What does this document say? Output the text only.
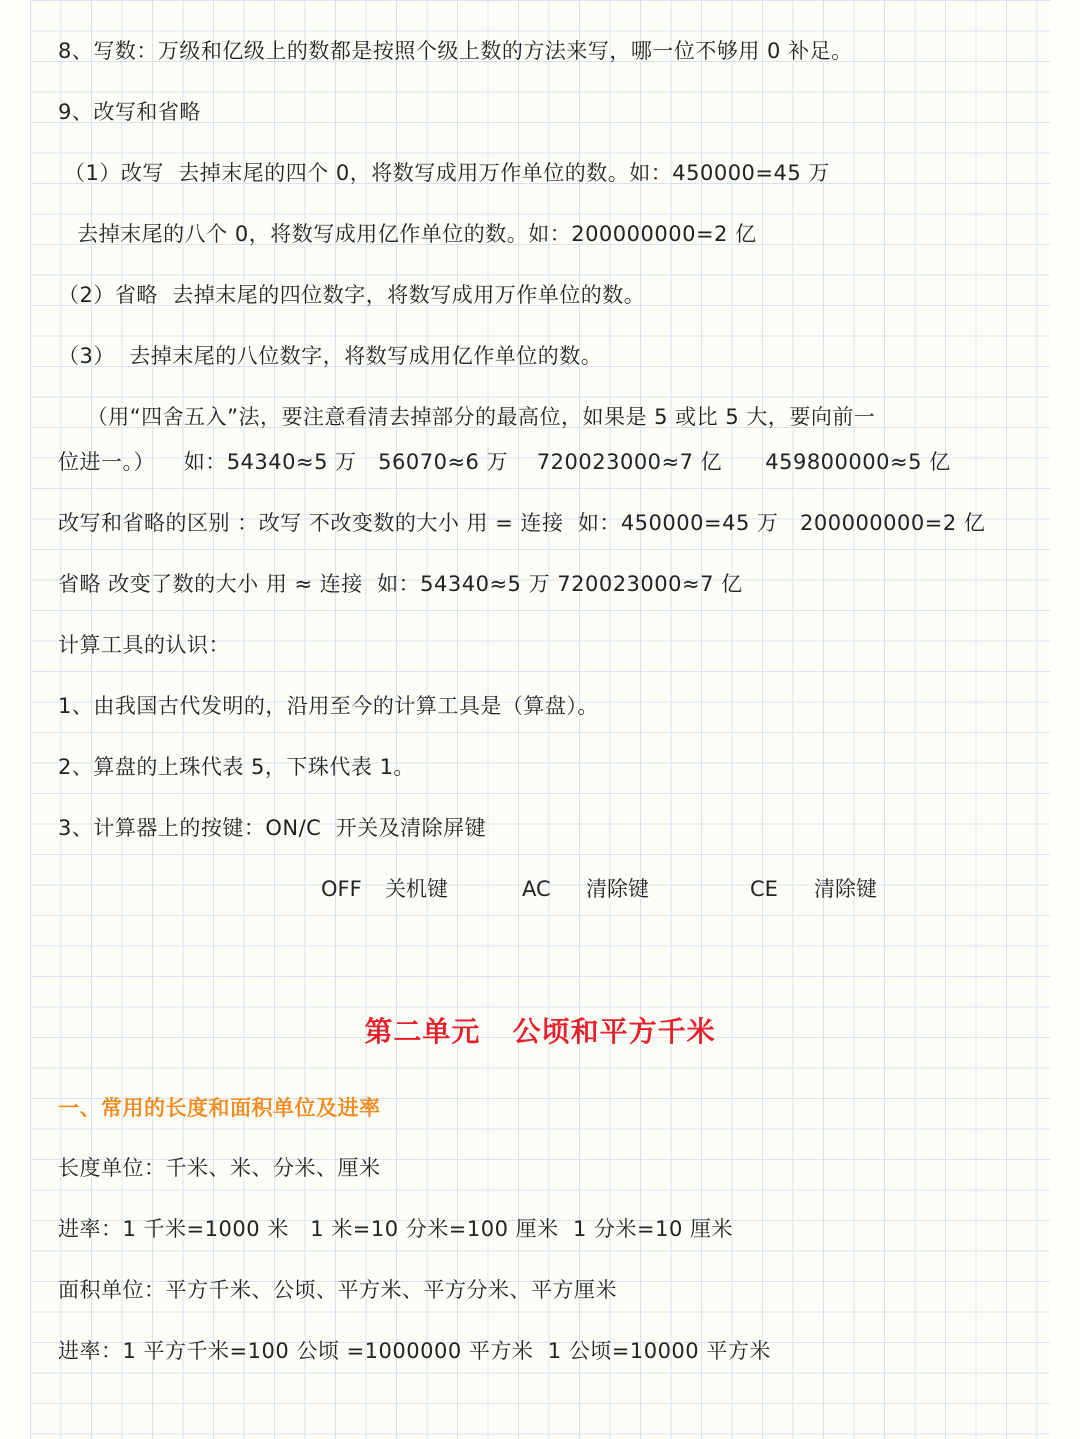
8、写数：万级和亿级上的数都是按照个级上数的方法来写，哪一位不够用 0 补足。
9、改写和省略
（1）改写  去掉末尾的四个 0，将数写成用万作单位的数。如：450000=45 万
去掉末尾的八个 0，将数写成用亿作单位的数。如：200000000=2 亿
（2）省略  去掉末尾的四位数字，将数写成用万作单位的数。
（3）  去掉末尾的八位数字，将数写成用亿作单位的数。
（用“四舍五入”法，要注意看清去掉部分的最高位，如果是 5 或比 5 大，要向前一
位进一。）    如：54340≈5 万   56070≈6 万    720023000≈7 亿      459800000≈5 亿
改写和省略的区别 ：改写 不改变数的大小 用 = 连接  如：450000=45 万   200000000=2 亿
省略 改变了数的大小 用 ≈ 连接  如：54340≈5 万 720023000≈7 亿
计算工具的认识：
1、由我国古代发明的，沿用至今的计算工具是（算盘）。
2、算盘的上珠代表 5，下珠代表 1。
3、计算器上的按键：ON/C  开关及清除屏键
OFF 关机键	AC 清除键	CE 清除键
第二单元   公顷和平方千米
一、常用的长度和面积单位及进率
长度单位：千米、米、分米、厘米
进率：1 千米=1000 米   1 米=10 分米=100 厘米  1 分米=10 厘米
面积单位：平方千米、公顷、平方米、平方分米、平方厘米
进率：1 平方千米=100 公顷 =1000000 平方米  1 公顷=10000 平方米
